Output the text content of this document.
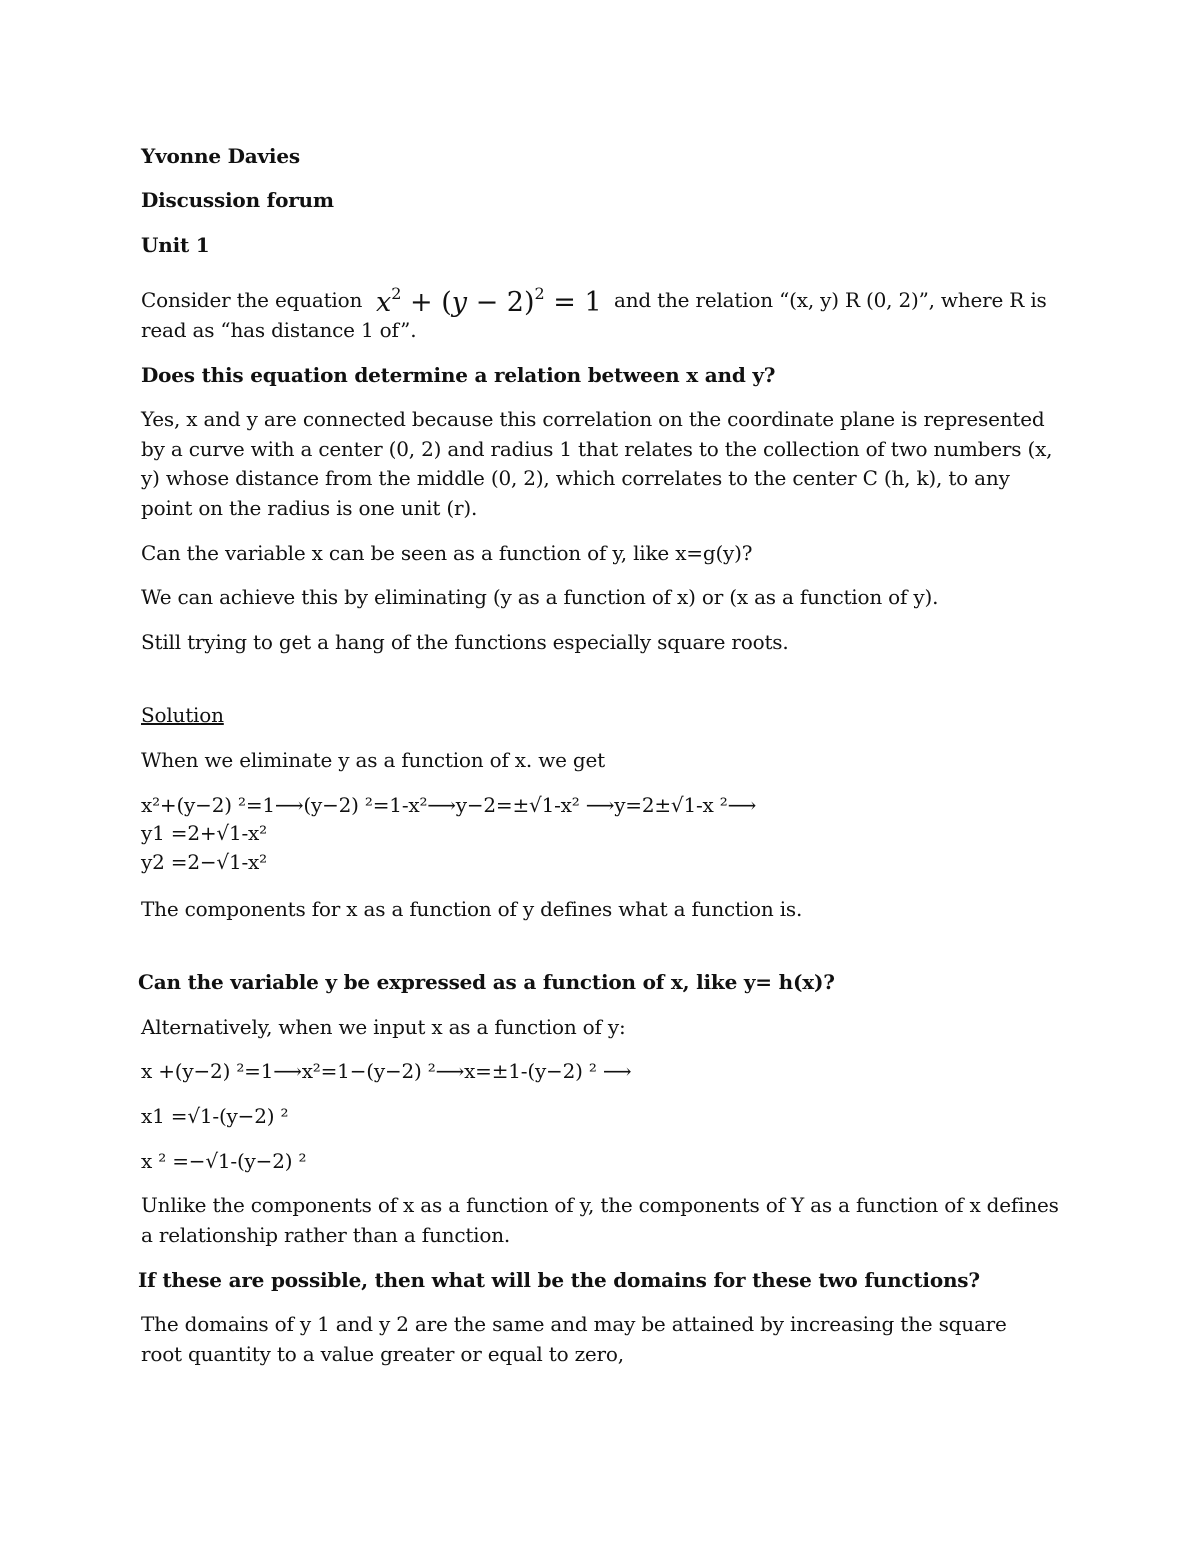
Yvonne Davies
Discussion forum
Unit 1
Consider the equation $x^2 + (y - 2)^2 = 1$ and the relation “(x, y) R (0, 2)”, where R is
read as “has distance 1 of”.
Does this equation determine a relation between x and y?
Yes, x and y are connected because this correlation on the coordinate plane is represented by a curve with a center (0, 2) and radius 1 that relates to the collection of two numbers (x, y) whose distance from the middle (0, 2), which correlates to the center C (h, k), to any point on the radius is one unit (r).
Can the variable x can be seen as a function of y, like x=g(y)?
We can achieve this by eliminating (y as a function of x) or (x as a function of y).
Still trying to get a hang of the functions especially square roots.
Solution
When we eliminate y as a function of x. we get
x²+(y−2) ²=1⟶(y−2) ²=1-x²⟶y−2=±√1-x² ⟶y=2±√1-x ²⟶
y1 =2+√1-x²
y2 =2−√1-x²
The components for x as a function of y defines what a function is.
Can the variable y be expressed as a function of x, like y= h(x)?
Alternatively, when we input x as a function of y:
x +(y−2) ²=1⟶x²=1−(y−2) ²⟶x=±1-(y−2) ² ⟶
x1 =√1-(y−2) ²
x ² =−√1-(y−2) ²
Unlike the components of x as a function of y, the components of Y as a function of x defines a relationship rather than a function.
If these are possible, then what will be the domains for these two functions?
The domains of y 1 and y 2 are the same and may be attained by increasing the square root quantity to a value greater or equal to zero,
